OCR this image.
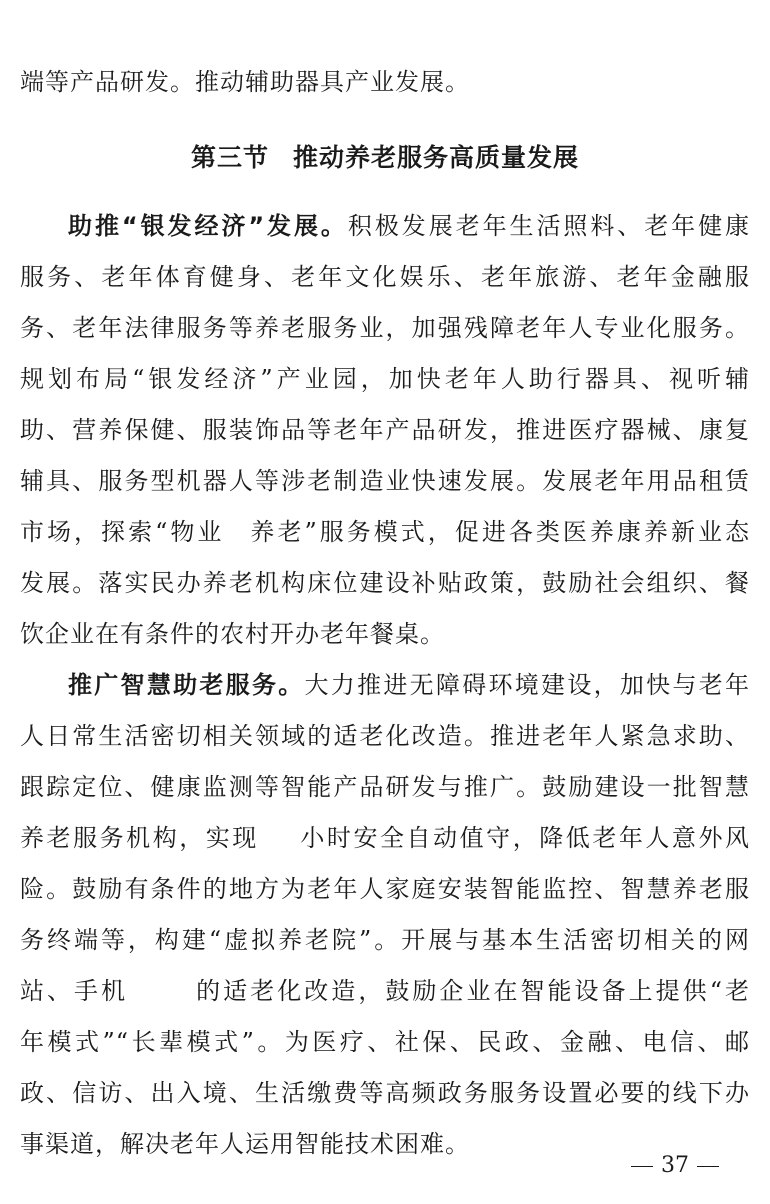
端等产品研发。推动辅助器具产业发展。
第三节 推动养老服务高质量发展
助推“银发经济”发展。积极发展老年生活照料、老年健康
服务、老年体育健身、老年文化娱乐、老年旅游、老年金融服
务、老年法律服务等养老服务业，加强残障老年人专业化服务。
规划布局“银发经济”产业园，加快老年人助行器具、视听辅
助、营养保健、服装饰品等老年产品研发，推进医疗器械、康复
辅具、服务型机器人等涉老制造业快速发展。发展老年用品租赁
市场，探索“物业 养老”服务模式，促进各类医养康养新业态
发展。落实民办养老机构床位建设补贴政策，鼓励社会组织、餐
饮企业在有条件的农村开办老年餐桌。
推广智慧助老服务。大力推进无障碍环境建设，加快与老年
人日常生活密切相关领域的适老化改造。推进老年人紧急求助、
跟踪定位、健康监测等智能产品研发与推广。鼓励建设一批智慧
养老服务机构，实现 小时安全自动值守，降低老年人意外风
险。鼓励有条件的地方为老年人家庭安装智能监控、智慧养老服
务终端等，构建“虚拟养老院”。开展与基本生活密切相关的网
站、手机	的适老化改造，鼓励企业在智能设备上提供“老
年模式”“长辈模式”。为医疗、社保、民政、金融、电信、邮
政、信访、出入境、生活缴费等高频政务服务设置必要的线下办
事渠道，解决老年人运用智能技术困难。
37
